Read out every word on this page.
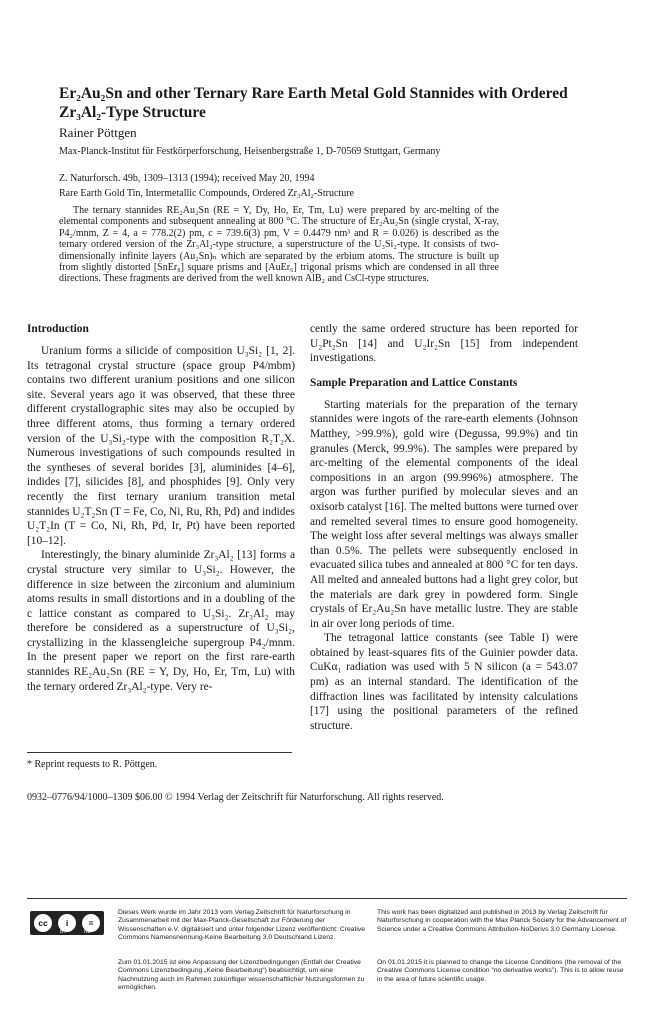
Er₂Au₂Sn and other Ternary Rare Earth Metal Gold Stannides with Ordered Zr₃Al₂-Type Structure
Rainer Pöttgen
Max-Planck-Institut für Festkörperforschung, Heisenbergstraße 1, D-70569 Stuttgart, Germany
Z. Naturforsch. 49b, 1309–1313 (1994); received May 20, 1994
Rare Earth Gold Tin, Intermetallic Compounds, Ordered Zr₃Al₂-Structure
The ternary stannides RE₂Au₂Sn (RE = Y, Dy, Ho, Er, Tm, Lu) were prepared by arc-melting of the elemental components and subsequent annealing at 800 °C. The structure of Er₂Au₂Sn (single crystal, X-ray, P4₂/mnm, Z = 4, a = 778.2(2) pm, c = 739.6(3) pm, V = 0.4479 nm³ and R = 0.026) is described as the ternary ordered version of the Zr₃Al₂-type structure, a superstructure of the U₃Si₂-type. It consists of two-dimensionally infinite layers (Au₂Sn)ₙ which are separated by the erbium atoms. The structure is built up from slightly distorted [SnEr₈] square prisms and [AuEr₆] trigonal prisms which are condensed in all three directions. These fragments are derived from the well known AlB₂ and CsCl-type structures.
Introduction

Uranium forms a silicide of composition U₃Si₂ [1, 2]. Its tetragonal crystal structure (space group P4/mbm) contains two different uranium positions and one silicon site. Several years ago it was observed, that these three different crystallographic sites may also be occupied by three different atoms, thus forming a ternary ordered version of the U₃Si₂-type with the composition R₂T₂X. Numerous investigations of such compounds resulted in the syntheses of several borides [3], aluminides [4–6], indides [7], silicides [8], and phosphides [9]. Only very recently the first ternary uranium transition metal stannides U₂T₂Sn (T = Fe, Co, Ni, Ru, Rh, Pd) and indides U₂T₂In (T = Co, Ni, Rh, Pd, Ir, Pt) have been reported [10–12].

Interestingly, the binary aluminide Zr₃Al₂ [13] forms a crystal structure very similar to U₃Si₂. However, the difference in size between the zirconium and aluminium atoms results in small distortions and in a doubling of the c lattice constant as compared to U₃Si₂. Zr₃Al₂ may therefore be considered as a superstructure of U₃Si₂, crystallizing in the klassengleiche supergroup P4₂/mnm. In the present paper we report on the first rare-earth stannides RE₂Au₂Sn (RE = Y, Dy, Ho, Er, Tm, Lu) with the ternary ordered Zr₃Al₂-type. Very re-

cently the same ordered structure has been reported for U₂Pt₂Sn [14] and U₂Ir₂Sn [15] from independent investigations.

Sample Preparation and Lattice Constants

Starting materials for the preparation of the ternary stannides were ingots of the rare-earth elements (Johnson Matthey, >99.9%), gold wire (Degussa, 99.9%) and tin granules (Merck, 99.9%). The samples were prepared by arc-melting of the elemental components of the ideal compositions in an argon (99.996%) atmosphere. The argon was further purified by molecular sieves and an oxisorb catalyst [16]. The melted buttons were turned over and remelted several times to ensure good homogeneity. The weight loss after several meltings was always smaller than 0.5%. The pellets were subsequently enclosed in evacuated silica tubes and annealed at 800 °C for ten days. All melted and annealed buttons had a light grey color, but the materials are dark grey in powdered form. Single crystals of Er₂Au₂Sn have metallic lustre. They are stable in air over long periods of time.

The tetragonal lattice constants (see Table I) were obtained by least-squares fits of the Guinier powder data. CuKα₁ radiation was used with 5 N silicon (a = 543.07 pm) as an internal standard. The identification of the diffraction lines was facilitated by intensity calculations [17] using the positional parameters of the refined structure.

* Reprint requests to R. Pöttgen.
0932–0776/94/1000–1309 $06.00 © 1994 Verlag der Zeitschrift für Naturforschung. All rights reserved.
cc	i	=
BY	ND
Dieses Werk wurde im Jahr 2013 vom Verlag Zeitschrift für Naturforschung in Zusammenarbeit mit der Max-Planck-Gesellschaft zur Förderung der Wissenschaften e.V. digitalisiert und unter folgender Lizenz veröffentlicht: Creative Commons Namensnennung-Keine Bearbeitung 3.0 Deutschland Lizenz.
This work has been digitalized and published in 2013 by Verlag Zeitschrift für Naturforschung in cooperation with the Max Planck Society for the Advancement of Science under a Creative Commons Attribution-NoDerivs 3.0 Germany License.
Zum 01.01.2015 ist eine Anpassung der Lizenzbedingungen (Entfall der Creative Commons Lizenzbedingung „Keine Bearbeitung“) beabsichtigt, um eine Nachnutzung auch im Rahmen zukünftiger wissenschaftlicher Nutzungsformen zu ermöglichen.
On 01.01.2015 it is planned to change the License Conditions (the removal of the Creative Commons License condition “no derivative works”). This is to allow reuse in the area of future scientific usage.
